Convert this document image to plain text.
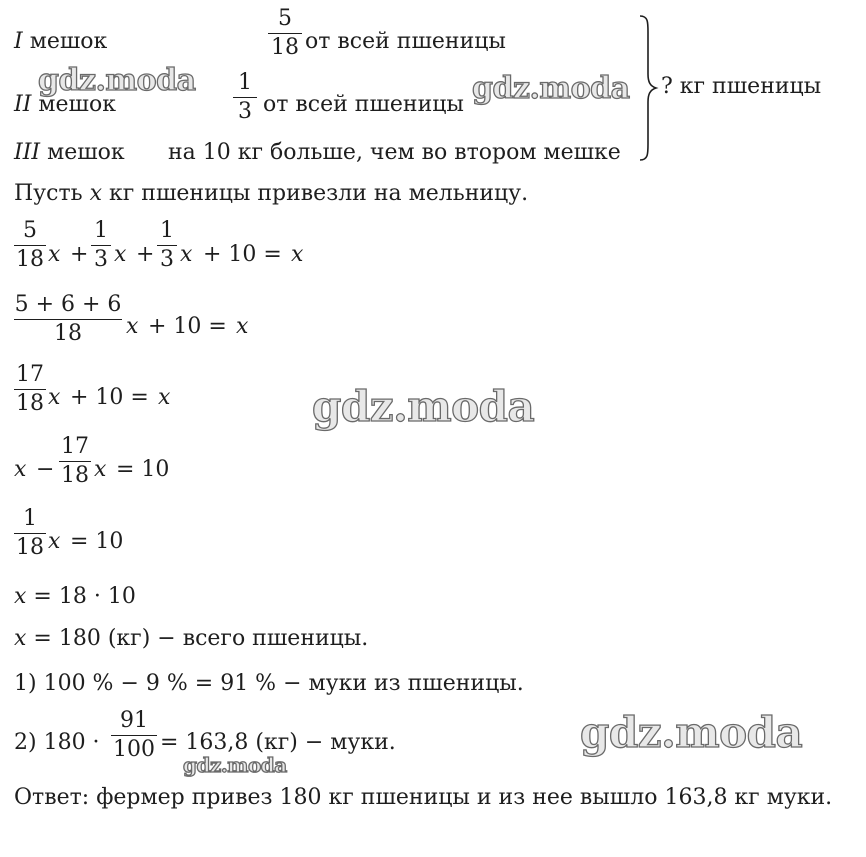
I мешок
5
18 от всей пшеницы
II мешок
1
3 от всей пшеницы
III мешок на 10 кг больше, чем во втором мешке
? кг пшеницы
Пусть x кг пшеницы привезли на мельницу.
5
18 x +
1
3 x +
1
3 x + 10 = x
5 + 6 + 6
18	x + 10 = x
17
18 x + 10 = x
x −
17
18 x = 10
1
18 x = 10
x = 18 · 10
x = 180 (кг) − всего пшеницы.
1) 100 % − 9 % = 91 % − муки из пшеницы.
2) 180 ·
91
100 = 163,8 (кг) − муки.
Ответ: фермер привез 180 кг пшеницы и из нее вышло 163,8 кг муки.
gdz.moda	gdz.moda
gdz.moda
gdz.moda
gdz.moda
